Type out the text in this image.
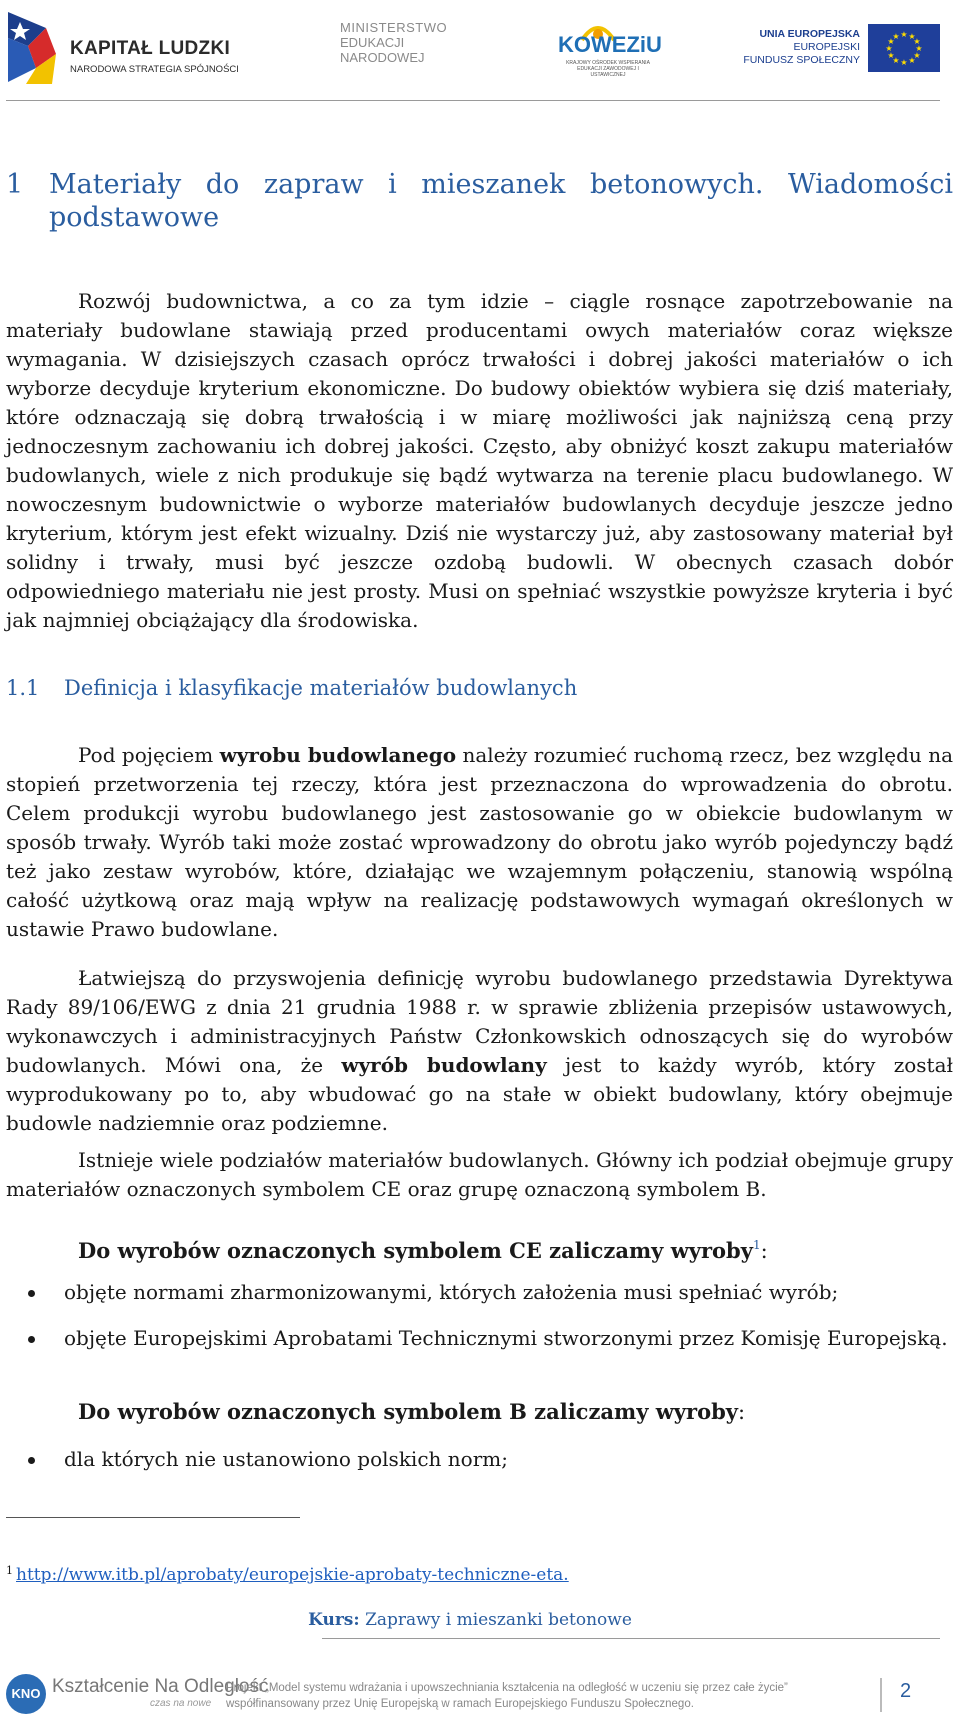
KAPITAŁ LUDZKI
NARODOWA STRATEGIA SPÓJNOŚCI
MINISTERSTWO
EDUKACJI
NARODOWEJ
KOWEZiU
KRAJOWY OŚRODEK WSPIERANIA EDUKACJI ZAWODOWEJ I USTAWICZNEJ
UNIA EUROPEJSKA
EUROPEJSKI
FUNDUSZ SPOŁECZNY
★ ★
★
★
★
★
★
★
★
★
★
★
1 Materiały do zapraw i mieszanek betonowych. Wiadomości podstawowe

Rozwój budownictwa, a co za tym idzie – ciągle rosnące zapotrzebowanie na materiały budowlane stawiają przed producentami owych materiałów coraz większe wymagania. W dzisiejszych czasach oprócz trwałości i dobrej jakości materiałów o ich wyborze decyduje kryterium ekonomiczne. Do budowy obiektów wybiera się dziś materiały, które odznaczają się dobrą trwałością i w miarę możliwości jak najniższą ceną przy jednoczesnym zachowaniu ich dobrej jakości. Często, aby obniżyć koszt zakupu materiałów budowlanych, wiele z nich produkuje się bądź wytwarza na terenie placu budowlanego. W nowoczesnym budownictwie o wyborze materiałów budowlanych decyduje jeszcze jedno kryterium, którym jest efekt wizualny. Dziś nie wystarczy już, aby zastosowany materiał był solidny i trwały, musi być jeszcze ozdobą budowli. W obecnych czasach dobór odpowiedniego materiału nie jest prosty. Musi on spełniać wszystkie powyższe kryteria i być jak najmniej obciążający dla środowiska.

1.1 Definicja i klasyfikacje materiałów budowlanych

Pod pojęciem wyrobu budowlanego należy rozumieć ruchomą rzecz, bez względu na stopień przetworzenia tej rzeczy, która jest przeznaczona do wprowadzenia do obrotu. Celem produkcji wyrobu budowlanego jest zastosowanie go w obiekcie budowlanym w sposób trwały. Wyrób taki może zostać wprowadzony do obrotu jako wyrób pojedynczy bądź też jako zestaw wyrobów, które, działając we wzajemnym połączeniu, stanowią wspólną całość użytkową oraz mają wpływ na realizację podstawowych wymagań określonych w ustawie Prawo budowlane.

Łatwiejszą do przyswojenia definicję wyrobu budowlanego przedstawia Dyrektywa Rady 89/106/EWG z dnia 21 grudnia 1988 r. w sprawie zbliżenia przepisów ustawowych, wykonawczych i administracyjnych Państw Członkowskich odnoszących się do wyrobów budowlanych. Mówi ona, że wyrób budowlany jest to każdy wyrób, który został wyprodukowany po to, aby wbudować go na stałe w obiekt budowlany, który obejmuje budowle nadziemnie oraz podziemne.

Istnieje wiele podziałów materiałów budowlanych. Główny ich podział obejmuje grupy materiałów oznaczonych symbolem CE oraz grupę oznaczoną symbolem B.

Do wyrobów oznaczonych symbolem CE zaliczamy wyroby$^1$:
objęte normami zharmonizowanymi, których założenia musi spełniać wyrób;
objęte Europejskimi Aprobatami Technicznymi stworzonymi przez Komisję Europejską.
Do wyrobów oznaczonych symbolem B zaliczamy wyroby:
dla których nie ustanowiono polskich norm;
$^1$ http://www.itb.pl/aprobaty/europejskie-aprobaty-techniczne-eta.
Kurs: Zaprawy i mieszanki betonowe
KNO Kształcenie Na Odległość
czas na nowe
Projekt „Model systemu wdrażania i upowszechniania kształcenia na odległość w uczeniu się przez całe życie”
współfinansowany przez Unię Europejską w ramach Europejskiego Funduszu Społecznego.
2
